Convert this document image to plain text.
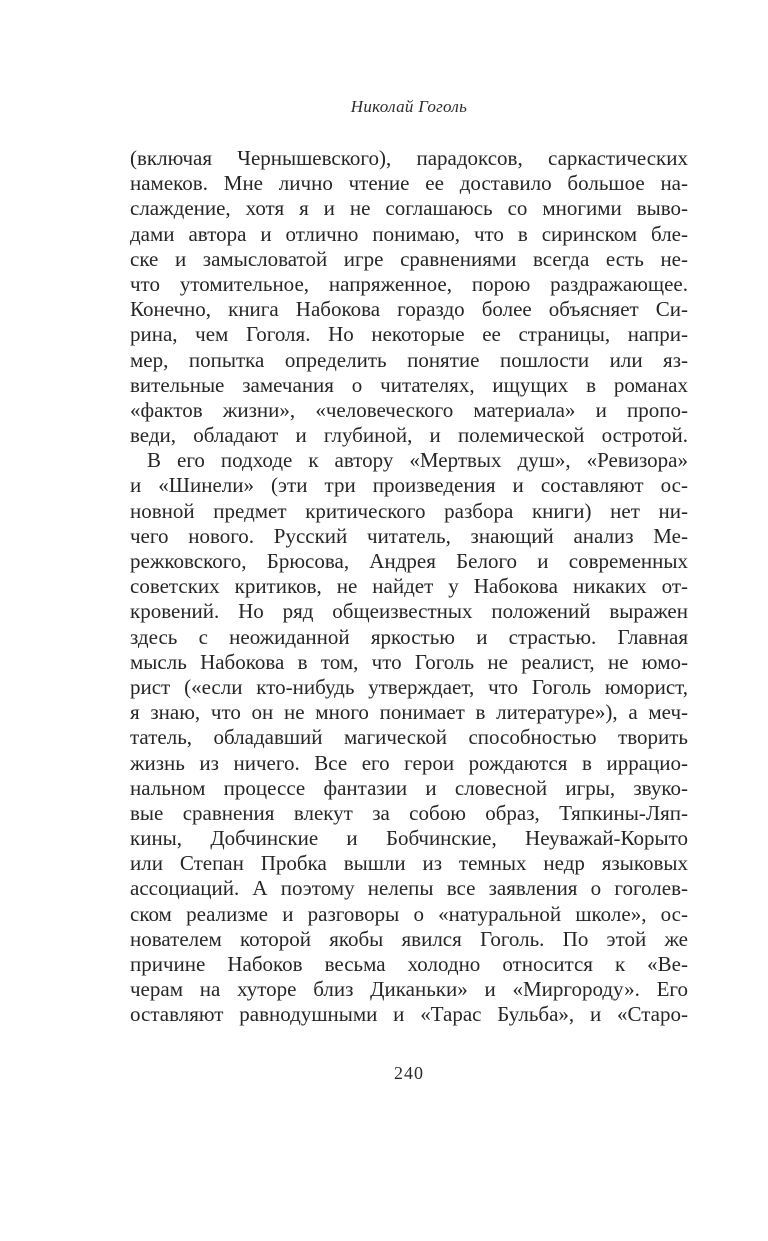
Николай Гоголь
(включая Чернышевского), парадоксов, саркастических
намеков. Мне лично чтение ее доставило большое на-
слаждение, хотя я и не соглашаюсь со многими выво-
дами автора и отлично понимаю, что в сиринском бле-
ске и замысловатой игре сравнениями всегда есть не-
что утомительное, напряженное, порою раздражающее.
Конечно, книга Набокова гораздо более объясняет Си-
рина, чем Гоголя. Но некоторые ее страницы, напри-
мер, попытка определить понятие пошлости или яз-
вительные замечания о читателях, ищущих в романах
«фактов жизни», «человеческого материала» и пропо-
веди, обладают и глубиной, и полемической остротой.
В его подходе к автору «Мертвых душ», «Ревизора»
и «Шинели» (эти три произведения и составляют ос-
новной предмет критического разбора книги) нет ни-
чего нового. Русский читатель, знающий анализ Ме-
режковского, Брюсова, Андрея Белого и современных
советских критиков, не найдет у Набокова никаких от-
кровений. Но ряд общеизвестных положений выражен
здесь с неожиданной яркостью и страстью. Главная
мысль Набокова в том, что Гоголь не реалист, не юмо-
рист («если кто-нибудь утверждает, что Гоголь юморист,
я знаю, что он не много понимает в литературе»), а меч-
татель, обладавший магической способностью творить
жизнь из ничего. Все его герои рождаются в иррацио-
нальном процессе фантазии и словесной игры, звуко-
вые сравнения влекут за собою образ, Тяпкины-Ляп-
кины, Добчинские и Бобчинские, Неуважай-Корыто
или Степан Пробка вышли из темных недр языковых
ассоциаций. А поэтому нелепы все заявления о гоголев-
ском реализме и разговоры о «натуральной школе», ос-
нователем которой якобы явился Гоголь. По этой же
причине Набоков весьма холодно относится к «Ве-
черам на хуторе близ Диканьки» и «Миргороду». Его
оставляют равнодушными и «Тарас Бульба», и «Старо-
240
